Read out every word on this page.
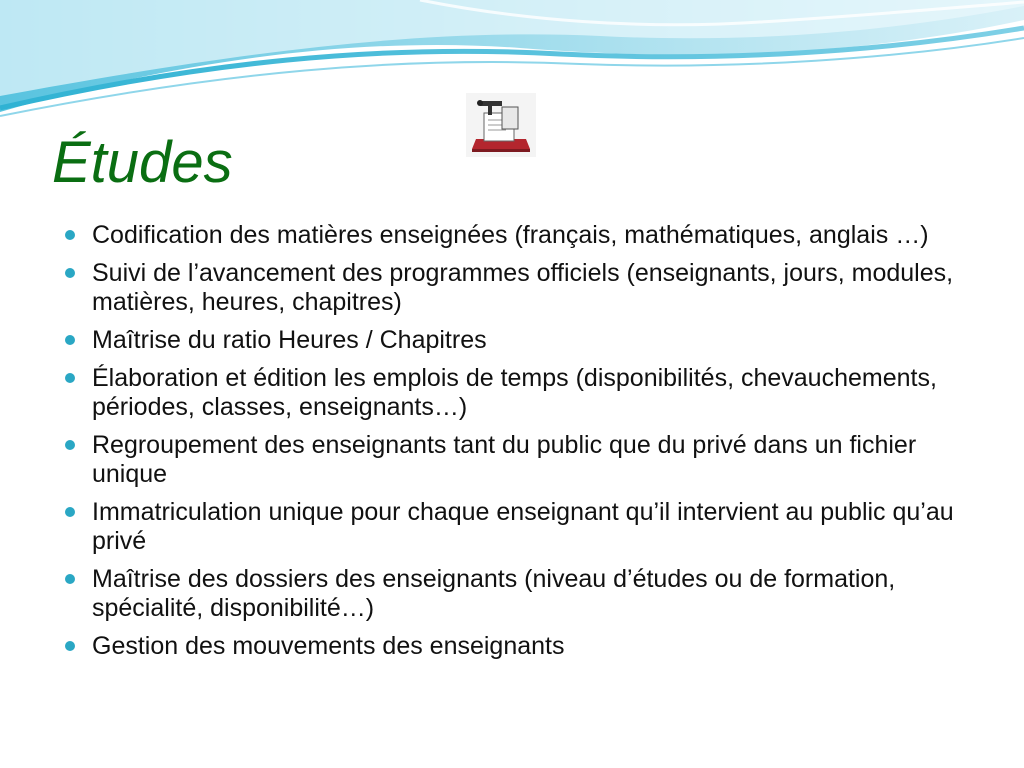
Études
Codification des matières enseignées (français, mathématiques, anglais …)
Suivi de l’avancement des programmes officiels (enseignants, jours, modules, matières, heures, chapitres)
Maîtrise du ratio Heures / Chapitres
Élaboration et édition les emplois de temps (disponibilités, chevauchements, périodes, classes, enseignants…)
Regroupement des enseignants tant du public que du privé dans un fichier unique
Immatriculation unique pour chaque enseignant qu’il intervient au public qu’au privé
Maîtrise des dossiers des enseignants (niveau d’études ou de formation, spécialité, disponibilité…)
Gestion des mouvements des enseignants
